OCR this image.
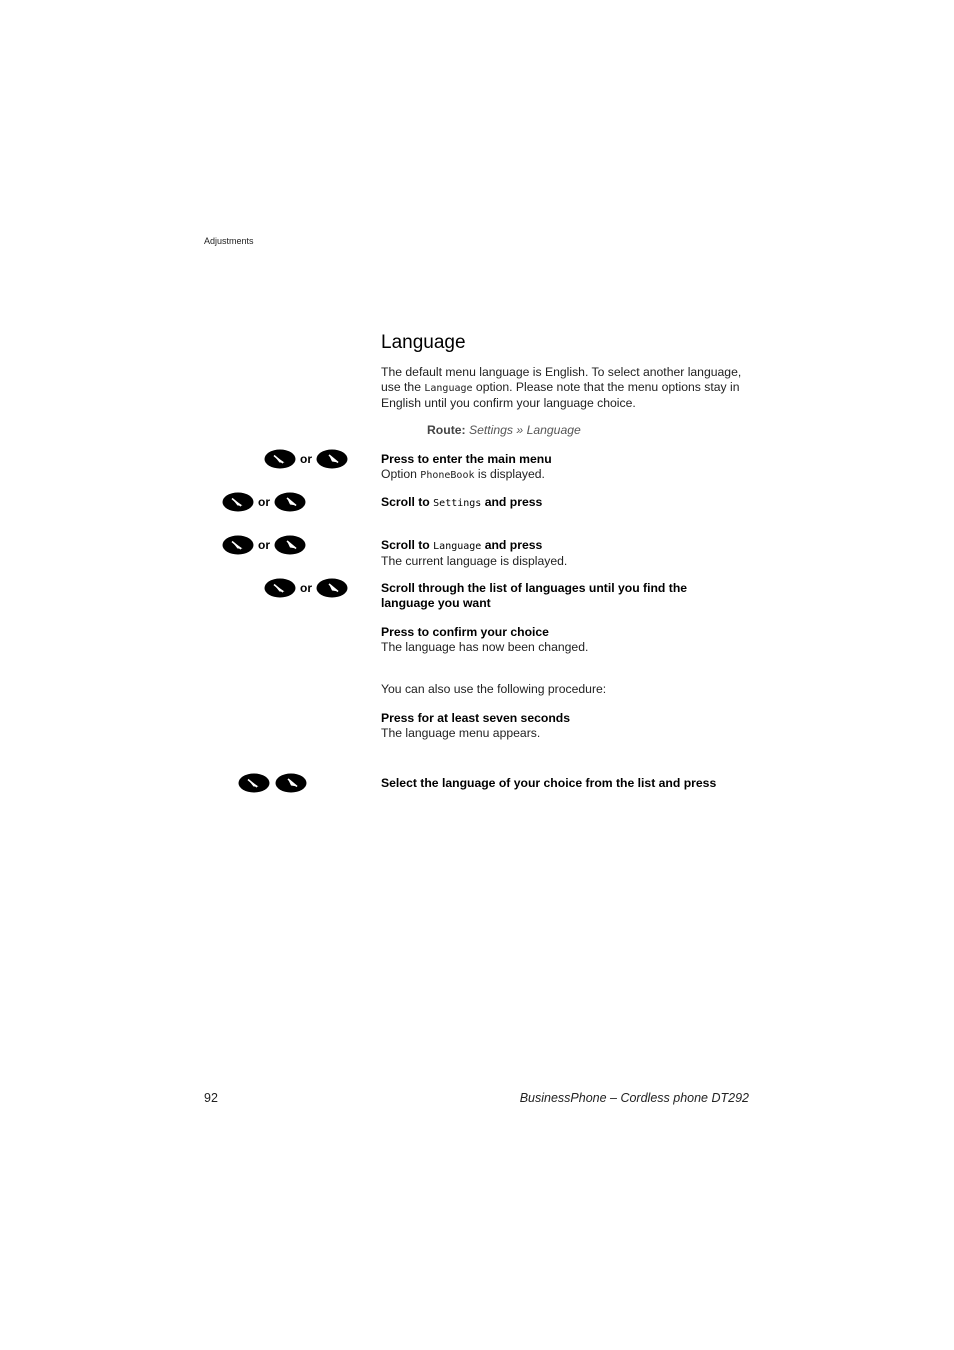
Adjustments
Language
The default menu language is English. To select another language, use the Language option. Please note that the menu options stay in English until you confirm your language choice.
Route: Settings » Language
or	Press to enter the main menu
Option PhoneBook is displayed.
or	Scroll to Settings and press
or	Scroll to Language and press
The current language is displayed.
or	Scroll through the list of languages until you find the language you want
Press to confirm your choice
The language has now been changed.
You can also use the following procedure:
Press for at least seven seconds
The language menu appears.
Select the language of your choice from the list and press
92	BusinessPhone – Cordless phone DT292
